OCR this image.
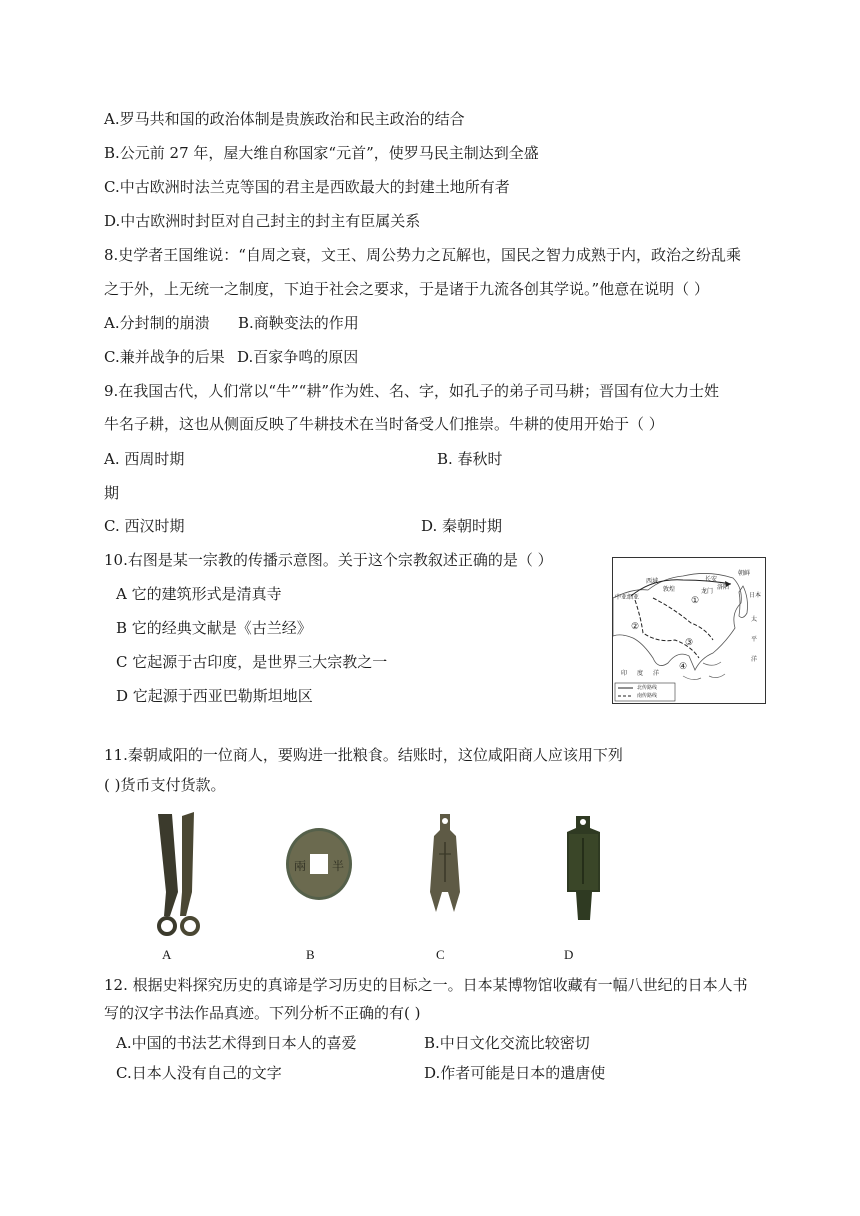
A.罗马共和国的政治体制是贵族政治和民主政治的结合
B.公元前 27 年，屋大维自称国家“元首”，使罗马民主制达到全盛
C.中古欧洲时法兰克等国的君主是西欧最大的封建土地所有者
D.中古欧洲时封臣对自己封主的封主有臣属关系
8.史学者王国维说：“自周之衰，文王、周公势力之瓦解也，国民之智力成熟于内，政治之纷乱乘
之于外，上无统一之制度，下迫于社会之要求，于是诸于九流各创其学说。”他意在说明（ ）
A.分封制的崩溃 B.商鞅变法的作用
C.兼并战争的后果 D.百家争鸣的原因
9.在我国古代，人们常以“牛”“耕”作为姓、名、字，如孔子的弟子司马耕；晋国有位大力士姓
牛名子耕，这也从侧面反映了牛耕技术在当时备受人们推崇。牛耕的使用开始于（ ）
A. 西周时期	B. 春秋时
期
C. 西汉时期	D. 秦朝时期
10.右图是某一宗教的传播示意图。关于这个宗教叙述正确的是（ ）
A 它的建筑形式是清真寺
B 它的经典文献是《古兰经》
C 它起源于古印度，是世界三大宗教之一
D 它起源于西亚巴勒斯坦地区
西域
敦煌
长安
洛阳
朝鲜
日本
中亚细亚
龙门
太
平
洋
印 度 洋
①
②
③
④
北传路线
南传路线
11.秦朝咸阳的一位商人，要购进一批粮食。结账时，这位咸阳商人应该用下列
( )货币支付货款。
兩 半
A	B	C	D
12. 根据史料探究历史的真谛是学习历史的目标之一。日本某博物馆收藏有一幅八世纪的日本人书
写的汉字书法作品真迹。下列分析不正确的有( )
A.中国的书法艺术得到日本人的喜爱	B.中日文化交流比较密切
C.日本人没有自己的文字	D.作者可能是日本的遣唐使
